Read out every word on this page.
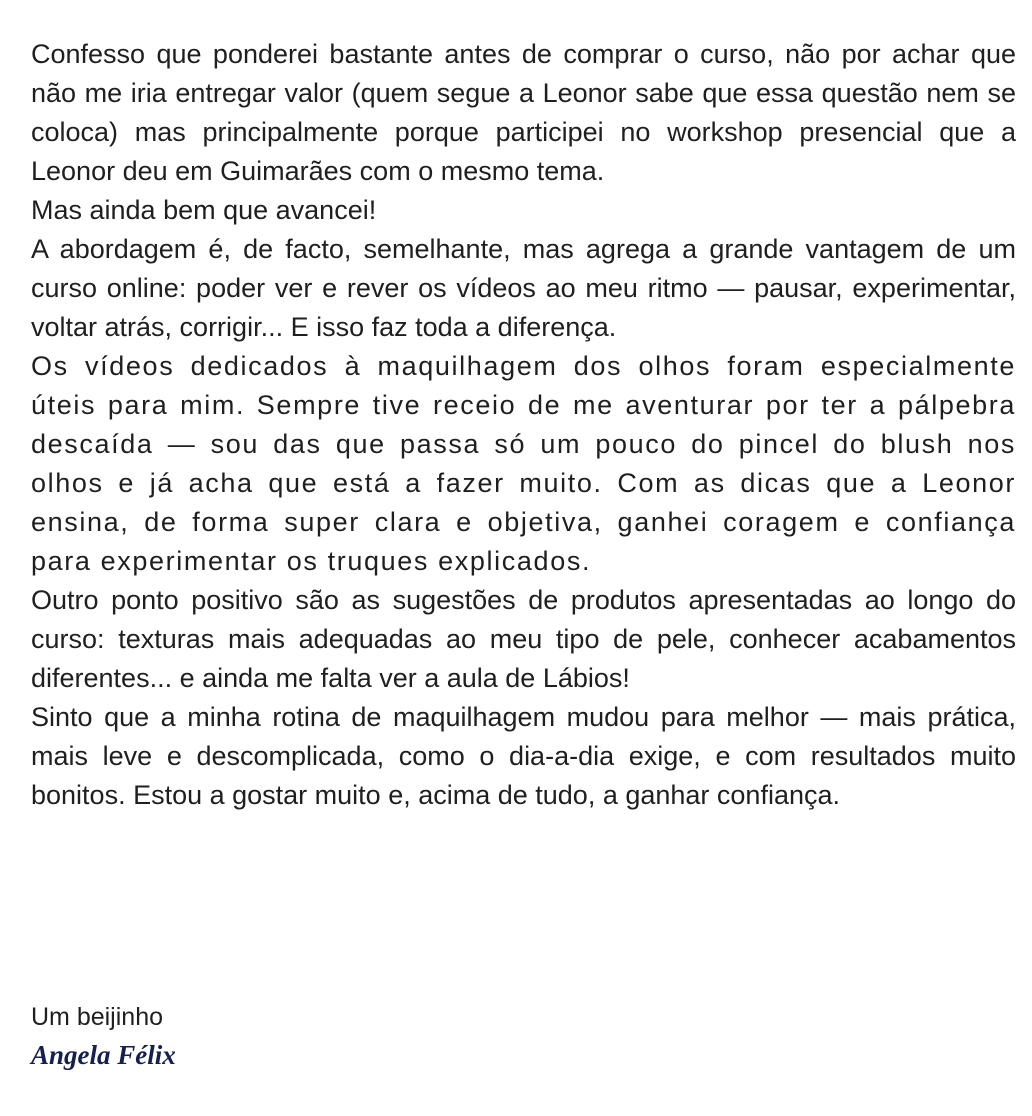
Confesso que ponderei bastante antes de comprar o curso, não por achar que não me iria entregar valor (quem segue a Leonor sabe que essa questão nem se coloca) mas principalmente porque participei no workshop presencial que a Leonor deu em Guimarães com o mesmo tema.

Mas ainda bem que avancei!

A abordagem é, de facto, semelhante, mas agrega a grande vantagem de um curso online: poder ver e rever os vídeos ao meu ritmo — pausar, experimentar, voltar atrás, corrigir... E isso faz toda a diferença.

Os vídeos dedicados à maquilhagem dos olhos foram especialmente úteis para mim. Sempre tive receio de me aventurar por ter a pálpebra descaída — sou das que passa só um pouco do pincel do blush nos olhos e já acha que está a fazer muito. Com as dicas que a Leonor ensina, de forma super clara e objetiva, ganhei coragem e confiança para experimentar os truques explicados.

Outro ponto positivo são as sugestões de produtos apresentadas ao longo do curso: texturas mais adequadas ao meu tipo de pele, conhecer acabamentos diferentes... e ainda me falta ver a aula de Lábios!

Sinto que a minha rotina de maquilhagem mudou para melhor — mais prática, mais leve e descomplicada, como o dia-a-dia exige, e com resultados muito bonitos. Estou a gostar muito e, acima de tudo, a ganhar confiança.

Um beijinho
Angela Félix
